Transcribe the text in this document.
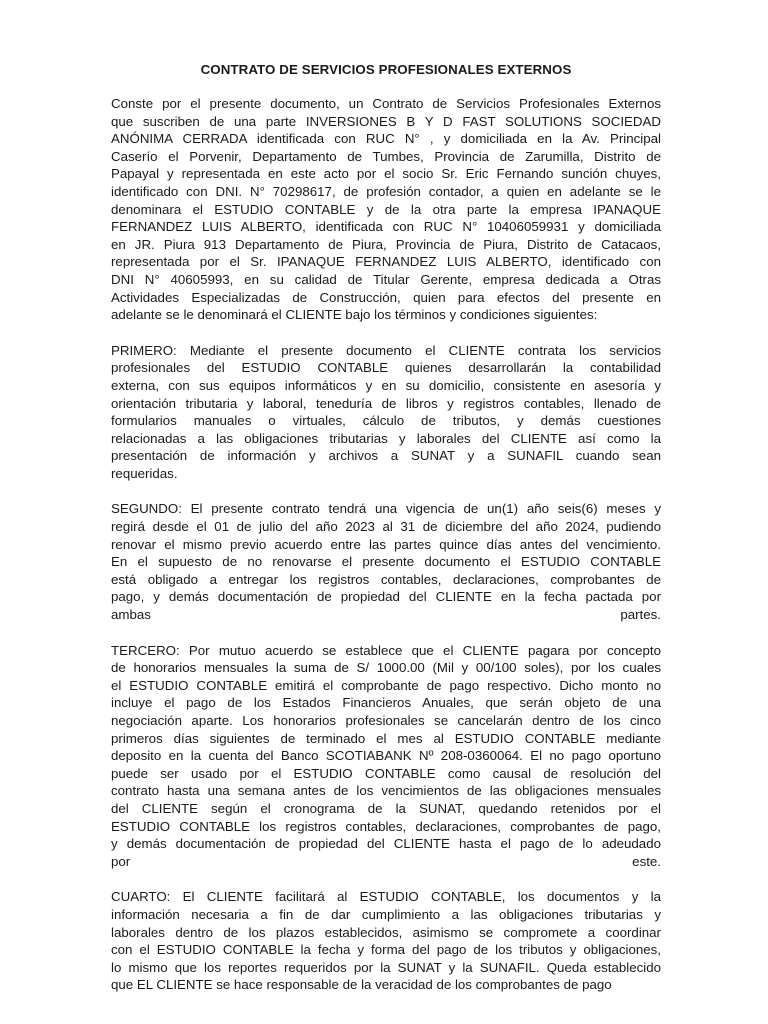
CONTRATO DE SERVICIOS PROFESIONALES EXTERNOS
Conste por el presente documento, un Contrato de Servicios Profesionales Externos
que suscriben de una parte INVERSIONES B Y D FAST SOLUTIONS SOCIEDAD
ANÓNIMA CERRADA identificada con RUC N° , y domiciliada en la Av. Principal
Caserío el Porvenir, Departamento de Tumbes, Provincia de Zarumilla, Distrito de
Papayal y representada en este acto por el socio Sr. Eric Fernando sunción chuyes,
identificado con DNI. N° 70298617, de profesión contador, a quien en adelante se le
denominara el ESTUDIO CONTABLE y de la otra parte la empresa IPANAQUE
FERNANDEZ LUIS ALBERTO, identificada con RUC N° 10406059931 y domiciliada
en JR. Piura 913 Departamento de Piura, Provincia de Piura, Distrito de Catacaos,
representada por el Sr. IPANAQUE FERNANDEZ LUIS ALBERTO, identificado con
DNI N° 40605993, en su calidad de Titular Gerente, empresa dedicada a Otras
Actividades Especializadas de Construcción, quien para efectos del presente en
adelante se le denominará el CLIENTE bajo los términos y condiciones siguientes:
PRIMERO: Mediante el presente documento el CLIENTE contrata los servicios
profesionales del ESTUDIO CONTABLE quienes desarrollarán la contabilidad
externa, con sus equipos informáticos y en su domicilio, consistente en asesoría y
orientación tributaria y laboral, teneduría de libros y registros contables, llenado de
formularios manuales o virtuales, cálculo de tributos, y demás cuestiones
relacionadas a las obligaciones tributarias y laborales del CLIENTE así como la
presentación de información y archivos a SUNAT y a SUNAFIL cuando sean
requeridas.
SEGUNDO: El presente contrato tendrá una vigencia de un(1) año seis(6) meses y
regirá desde el 01 de julio del año 2023 al 31 de diciembre del año 2024, pudiendo
renovar el mismo previo acuerdo entre las partes quince días antes del vencimiento.
En el supuesto de no renovarse el presente documento el ESTUDIO CONTABLE
está obligado a entregar los registros contables, declaraciones, comprobantes de
pago, y demás documentación de propiedad del CLIENTE en la fecha pactada por
ambas	partes.
TERCERO: Por mutuo acuerdo se establece que el CLIENTE pagara por concepto
de honorarios mensuales la suma de S/ 1000.00 (Mil y 00/100 soles), por los cuales
el ESTUDIO CONTABLE emitirá el comprobante de pago respectivo. Dicho monto no
incluye el pago de los Estados Financieros Anuales, que serán objeto de una
negociación aparte. Los honorarios profesionales se cancelarán dentro de los cinco
primeros días siguientes de terminado el mes al ESTUDIO CONTABLE mediante
deposito en la cuenta del Banco SCOTIABANK Nº 208-0360064. El no pago oportuno
puede ser usado por el ESTUDIO CONTABLE como causal de resolución del
contrato hasta una semana antes de los vencimientos de las obligaciones mensuales
del CLIENTE según el cronograma de la SUNAT, quedando retenidos por el
ESTUDIO CONTABLE los registros contables, declaraciones, comprobantes de pago,
y demás documentación de propiedad del CLIENTE hasta el pago de lo adeudado
por	este.
CUARTO: El CLIENTE facilitará al ESTUDIO CONTABLE, los documentos y la
información necesaria a fin de dar cumplimiento a las obligaciones tributarias y
laborales dentro de los plazos establecidos, asimismo se compromete a coordinar
con el ESTUDIO CONTABLE la fecha y forma del pago de los tributos y obligaciones,
lo mismo que los reportes requeridos por la SUNAT y la SUNAFIL. Queda establecido
que EL CLIENTE se hace responsable de la veracidad de los comprobantes de pago
